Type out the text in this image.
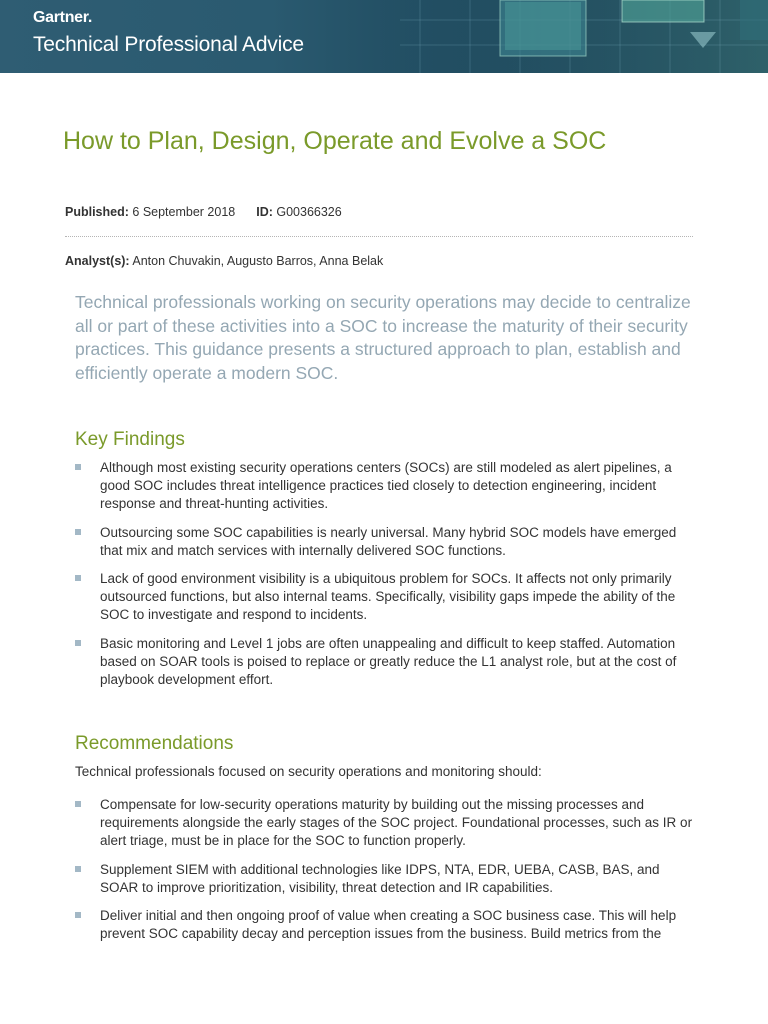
Gartner.
Technical Professional Advice
How to Plan, Design, Operate and Evolve a SOC
Published: 6 September 2018 ID: G00366326
Analyst(s): Anton Chuvakin, Augusto Barros, Anna Belak

Technical professionals working on security operations may decide to centralize all or part of these activities into a SOC to increase the maturity of their security practices. This guidance presents a structured approach to plan, establish and efficiently operate a modern SOC.

Key Findings
Although most existing security operations centers (SOCs) are still modeled as alert pipelines, a good SOC includes threat intelligence practices tied closely to detection engineering, incident response and threat-hunting activities.
Outsourcing some SOC capabilities is nearly universal. Many hybrid SOC models have emerged that mix and match services with internally delivered SOC functions.
Lack of good environment visibility is a ubiquitous problem for SOCs. It affects not only primarily outsourced functions, but also internal teams. Specifically, visibility gaps impede the ability of the SOC to investigate and respond to incidents.
Basic monitoring and Level 1 jobs are often unappealing and difficult to keep staffed. Automation based on SOAR tools is poised to replace or greatly reduce the L1 analyst role, but at the cost of playbook development effort.
Recommendations

Technical professionals focused on security operations and monitoring should:

Compensate for low-security operations maturity by building out the missing processes and requirements alongside the early stages of the SOC project. Foundational processes, such as IR or alert triage, must be in place for the SOC to function properly.
Supplement SIEM with additional technologies like IDPS, NTA, EDR, UEBA, CASB, BAS, and SOAR to improve prioritization, visibility, threat detection and IR capabilities.
Deliver initial and then ongoing proof of value when creating a SOC business case. This will help prevent SOC capability decay and perception issues from the business. Build metrics from the
